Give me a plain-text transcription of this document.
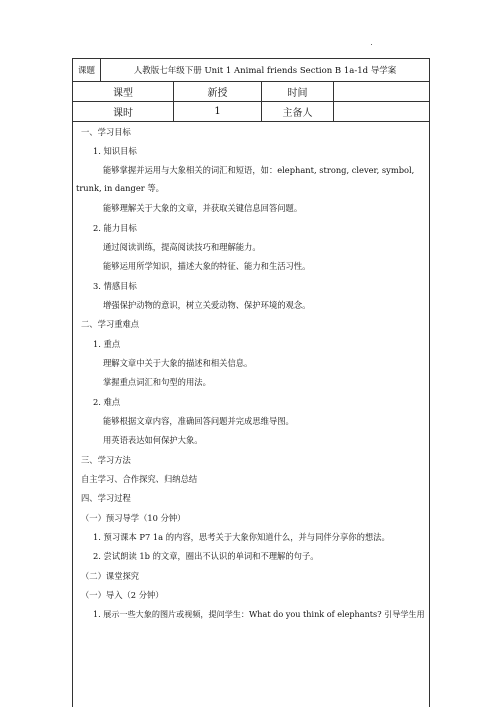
课题	人教版七年级下册 Unit 1 Animal friends Section B 1a-1d 导学案
课型	新授	时间
课时	1	主备人
一、学习目标
1. 知识目标
能够掌握并运用与大象相关的词汇和短语，如：elephant, strong, clever, symbol,
trunk, in danger 等。
能够理解关于大象的文章，并获取关键信息回答问题。
2. 能力目标
通过阅读训练，提高阅读技巧和理解能力。
能够运用所学知识，描述大象的特征、能力和生活习性。
3. 情感目标
增强保护动物的意识，树立关爱动物、保护环境的观念。
二、学习重难点
1. 重点
理解文章中关于大象的描述和相关信息。
掌握重点词汇和句型的用法。
2. 难点
能够根据文章内容，准确回答问题并完成思维导图。
用英语表达如何保护大象。
三、学习方法
自主学习、合作探究、归纳总结
四、学习过程
（一）预习导学（10 分钟）
1. 预习课本 P7 1a 的内容，思考关于大象你知道什么，并与同伴分享你的想法。
2. 尝试朗读 1b 的文章，圈出不认识的单词和不理解的句子。
（二）课堂探究
（一）导入（2 分钟）
1. 展示一些大象的图片或视频，提问学生：What do you think of elephants? 引导学生用
